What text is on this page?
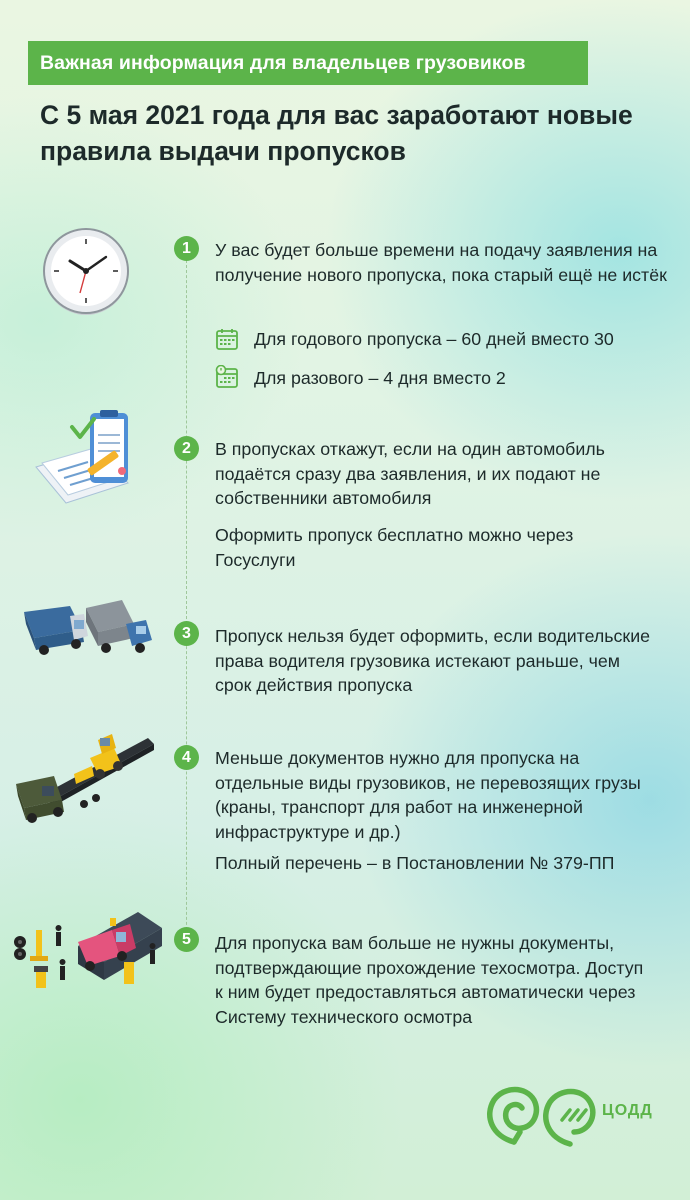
Важная информация для владельцев грузовиков
С 5 мая 2021 года для вас заработают новые правила выдачи пропусков
1	У вас будет больше времени на подачу заявления на получение нового пропуска, пока старый ещё не истёк
Для годового пропуска – 60 дней вместо 30
Для разового – 4 дня вместо 2
2	В пропусках откажут, если на один автомобиль подаётся сразу два заявления, и их подают не собственники автомобиля
Оформить пропуск бесплатно можно через Госуслуги
3	Пропуск нельзя будет оформить, если водительские права водителя грузовика истекают раньше, чем срок действия пропуска
4	Меньше документов нужно для пропуска на отдельные виды грузовиков, не перевозящих грузы (краны, транспорт для работ на инженерной инфраструктуре и др.)
Полный перечень – в Постановлении № 379-ПП
5	Для пропуска вам больше не нужны документы, подтверждающие прохождение техосмотра. Доступ к ним будет предоставляться автоматически через Систему технического осмотра
ЦОДД
